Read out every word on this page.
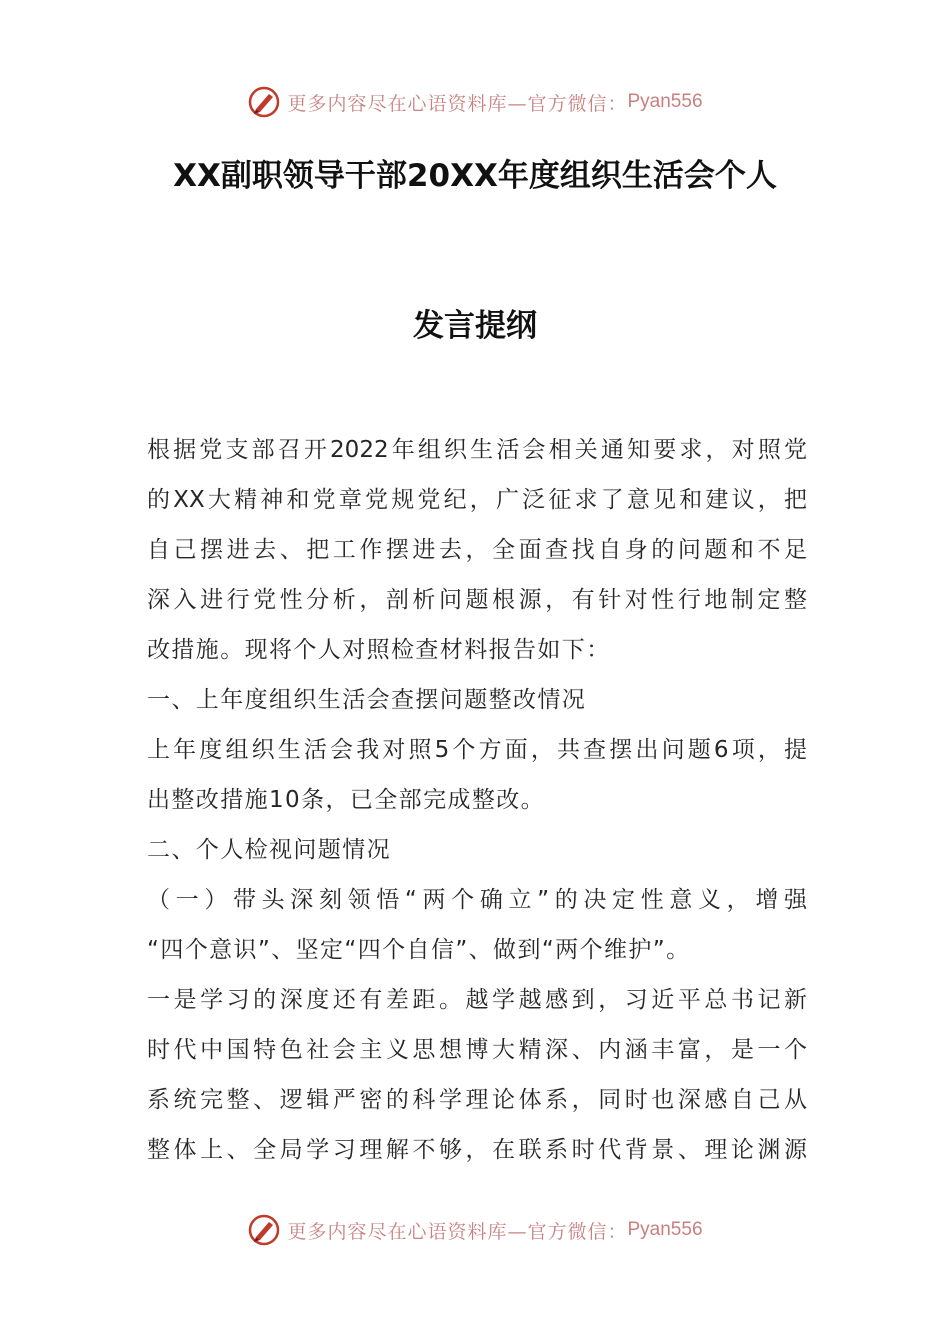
更多内容尽在心语资料库—官方微信： Pyan556
XX副职领导干部20XX年度组织生活会个人
发言提纲
根据党支部召开2022年组织生活会相关通知要求，对照党
的XX大精神和党章党规党纪，广泛征求了意见和建议，把
自己摆进去、把工作摆进去，全面查找自身的问题和不足
深入进行党性分析，剖析问题根源，有针对性行地制定整
改措施。现将个人对照检查材料报告如下：
一、上年度组织生活会查摆问题整改情况
上年度组织生活会我对照5个方面，共查摆出问题6项，提
出整改措施10条，已全部完成整改。
二、个人检视问题情况
（一）带头深刻领悟“两个确立”的决定性意义，增强
“四个意识”、坚定“四个自信”、做到“两个维护”。
一是学习的深度还有差距。越学越感到，习近平总书记新
时代中国特色社会主义思想博大精深、内涵丰富，是一个
系统完整、逻辑严密的科学理论体系，同时也深感自己从
整体上、全局学习理解不够，在联系时代背景、理论渊源
更多内容尽在心语资料库—官方微信： Pyan556
